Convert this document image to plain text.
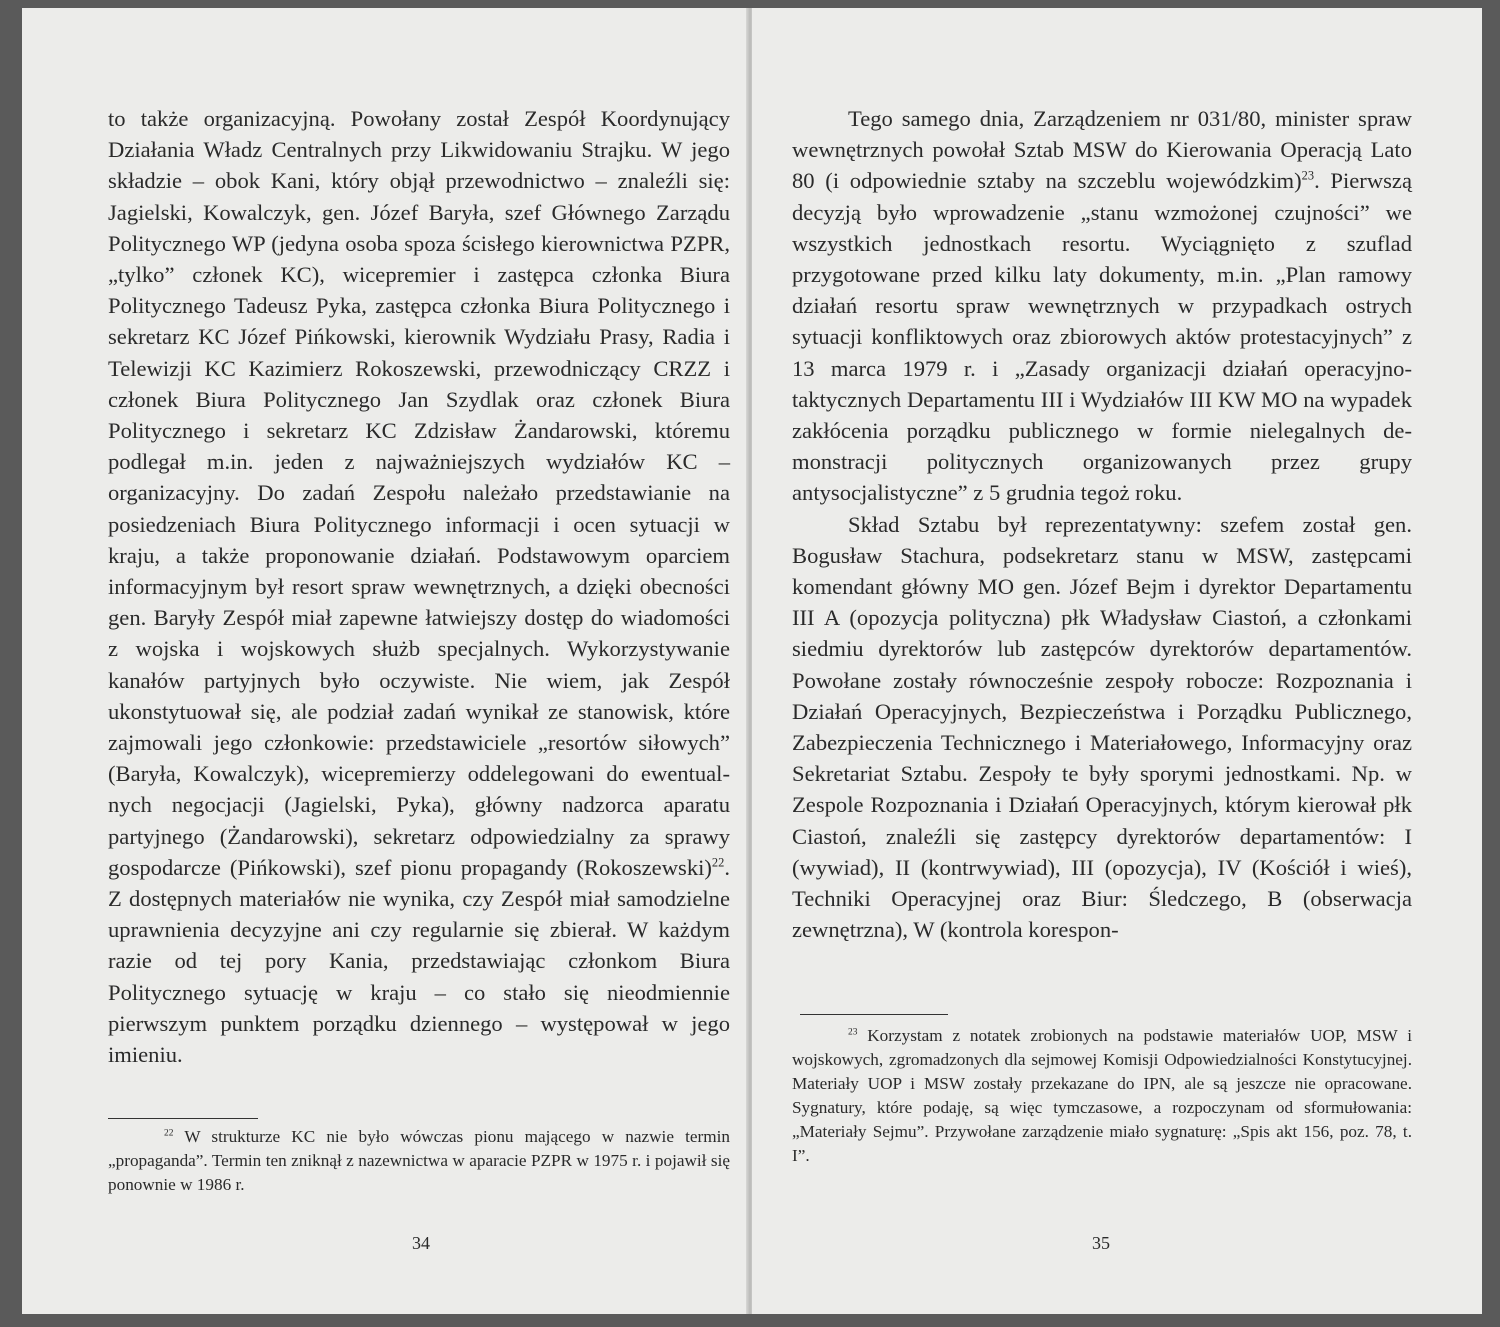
to także organizacyjną. Powołany został Zespół Koordynujący Działania Władz Centralnych przy Likwidowaniu Strajku. W jego składzie – obok Kani, który objął przewodnictwo – znaleźli się: Jagielski, Kowalczyk, gen. Józef Baryła, szef Głównego Zarządu Politycznego WP (jedyna osoba spoza ścisłego kierownictwa PZPR, „tylko” członek KC), wicepremier i zastępca członka Biura Politycznego Tadeusz Pyka, zastępca członka Biura Politycznego i sekretarz KC Józef Pińkowski, kierownik Wydziału Prasy, Radia i Telewizji KC Kazimierz Rokoszewski, przewodniczący CRZZ i członek Biura Politycznego Jan Szydlak oraz członek Biura Politycznego i sekretarz KC Zdzisław Żandarowski, któremu podlegał m.in. jeden z najważniejszych wydziałów KC – organizacyjny. Do zadań Zespołu należało przedstawianie na posiedzeniach Biura Politycznego informacji i ocen sytuacji w kraju, a także proponowanie działań. Podstawowym oparciem informacyjnym był resort spraw wewnętrznych, a dzięki obecności gen. Baryły Zespół miał zapewne łatwiejszy dostęp do wiadomości z wojska i wojskowych służb specjalnych. Wykorzystywanie kanałów partyjnych było oczywiste. Nie wiem, jak Zespół ukonstytuował się, ale podział zadań wynikał ze stanowisk, które zajmowali jego członkowie: przedstawiciele „resortów siłowych” (Baryła, Kowalczyk), wicepremierzy oddelegowani do ewentualnych negocjacji (Jagielski, Pyka), główny nadzorca aparatu partyjnego (Żandarowski), sekretarz odpowiedzialny za sprawy gospodarcze (Pińkowski), szef pionu propagandy (Rokoszewski)$^{22}$. Z dostępnych materiałów nie wynika, czy Zespół miał samodzielne uprawnienia decyzyjne ani czy regularnie się zbierał. W każdym razie od tej pory Kania, przedstawiając członkom Biura Politycznego sytuację w kraju – co stało się nieodmiennie pierwszym punktem porządku dziennego – występował w jego imieniu.

$^{22}$ W strukturze KC nie było wówczas pionu mającego w nazwie termin „propaganda”. Termin ten zniknął z nazewnictwa w aparacie PZPR w 1975 r. i pojawił się ponownie w 1986 r.

34

Tego samego dnia, Zarządzeniem nr 031/80, minister spraw wewnętrznych powołał Sztab MSW do Kierowania Operacją Lato 80 (i odpowiednie sztaby na szczeblu wojewódzkim)$^{23}$. Pierwszą decyzją było wprowadzenie „stanu wzmożonej czujności” we wszystkich jednostkach resortu. Wyciągnięto z szuflad przygotowane przed kilku laty dokumenty, m.in. „Plan ramowy działań resortu spraw wewnętrznych w przypadkach ostrych sytuacji konfliktowych oraz zbiorowych aktów protestacyjnych” z 13 marca 1979 r. i „Zasady organizacji działań operacyjno-taktycznych Departamentu III i Wydziałów III KW MO na wypadek zakłócenia porządku publicznego w formie nielegalnych demonstracji politycznych organizowanych przez grupy antysocjalistyczne” z 5 grudnia tegoż roku.

Skład Sztabu był reprezentatywny: szefem został gen. Bogusław Stachura, podsekretarz stanu w MSW, zastępcami komendant główny MO gen. Józef Bejm i dyrektor Departamentu III A (opozycja polityczna) płk Władysław Ciastoń, a członkami siedmiu dyrektorów lub zastępców dyrektorów departamentów. Powołane zostały równocześnie zespoły robocze: Rozpoznania i Działań Operacyjnych, Bezpieczeństwa i Porządku Publicznego, Zabezpieczenia Technicznego i Materiałowego, Informacyjny oraz Sekretariat Sztabu. Zespoły te były sporymi jednostkami. Np. w Zespole Rozpoznania i Działań Operacyjnych, którym kierował płk Ciastoń, znaleźli się zastępcy dyrektorów departamentów: I (wywiad), II (kontrwywiad), III (opozycja), IV (Kościół i wieś), Techniki Operacyjnej oraz Biur: Śledczego, B (obserwacja zewnętrzna), W (kontrola korespon-

$^{23}$ Korzystam z notatek zrobionych na podstawie materiałów UOP, MSW i wojskowych, zgromadzonych dla sejmowej Komisji Odpowiedzialności Konstytucyjnej. Materiały UOP i MSW zostały przekazane do IPN, ale są jeszcze nie opracowane. Sygnatury, które podaję, są więc tymczasowe, a rozpoczynam od sformułowania: „Materiały Sejmu”. Przywołane zarządzenie miało sygnaturę: „Spis akt 156, poz. 78, t. I”.

35
